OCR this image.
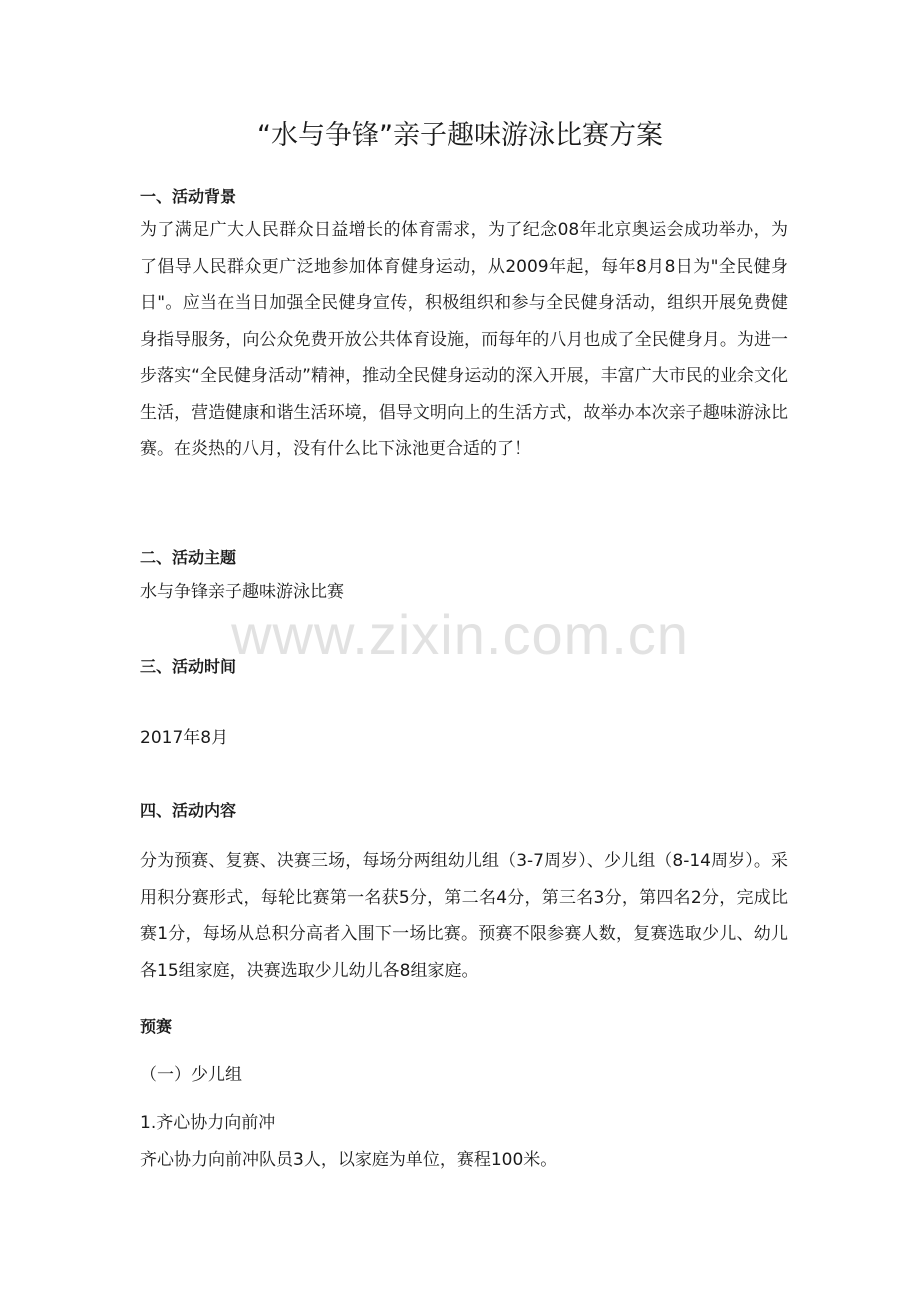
“水与争锋”亲子趣味游泳比赛方案
一、活动背景

为了满足广大人民群众日益增长的体育需求，为了纪念08年北京奥运会成功举办，为了倡导人民群众更广泛地参加体育健身运动，从2009年起，每年8月8日为"全民健身日"。应当在当日加强全民健身宣传，积极组织和参与全民健身活动，组织开展免费健身指导服务，向公众免费开放公共体育设施，而每年的八月也成了全民健身月。为进一步落实“全民健身活动”精神，推动全民健身运动的深入开展，丰富广大市民的业余文化生活，营造健康和谐生活环境，倡导文明向上的生活方式，故举办本次亲子趣味游泳比赛。在炎热的八月，没有什么比下泳池更合适的了！

二、活动主题
水与争锋亲子趣味游泳比赛
三、活动时间
2017年8月
四、活动内容

分为预赛、复赛、决赛三场，每场分两组幼儿组（3-7周岁）、少儿组（8-14周岁）。采用积分赛形式，每轮比赛第一名获5分，第二名4分，第三名3分，第四名2分，完成比赛1分，每场从总积分高者入围下一场比赛。预赛不限参赛人数，复赛选取少儿、幼儿各15组家庭，决赛选取少儿幼儿各8组家庭。

预赛
（一）少儿组
1.齐心协力向前冲
齐心协力向前冲队员3人，以家庭为单位，赛程100米。
www.zixin.com.cn
